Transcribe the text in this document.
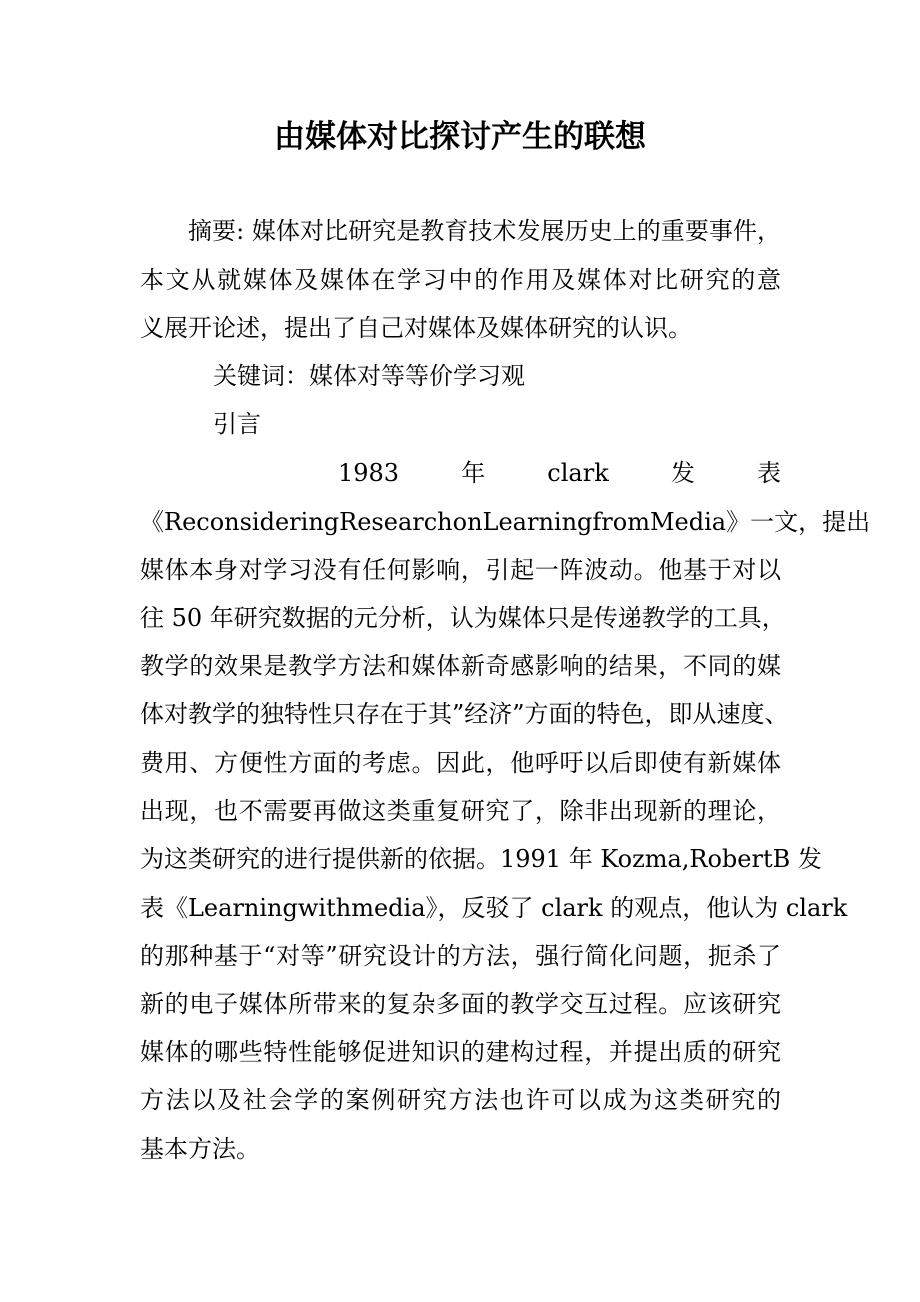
由媒体对比探讨产生的联想
摘要: 媒体对比研究是教育技术发展历史上的重要事件，
本文从就媒体及媒体在学习中的作用及媒体对比研究的意
义展开论述，提出了自己对媒体及媒体研究的认识。
关键词：媒体对等等价学习观
引言
1983	年	clark	发	表
《ReconsideringResearchonLearningfromMedia》一文，提出
媒体本身对学习没有任何影响，引起一阵波动。他基于对以
往 50 年研究数据的元分析，认为媒体只是传递教学的工具，
教学的效果是教学方法和媒体新奇感影响的结果，不同的媒
体对教学的独特性只存在于其”经济”方面的特色，即从速度、
费用、方便性方面的考虑。因此，他呼吁以后即使有新媒体
出现，也不需要再做这类重复研究了，除非出现新的理论，
为这类研究的进行提供新的依据。1991 年 Kozma,RobertB 发
表《Learningwithmedia》，反驳了 clark 的观点，他认为 clark
的那种基于“对等”研究设计的方法，强行简化问题，扼杀了
新的电子媒体所带来的复杂多面的教学交互过程。应该研究
媒体的哪些特性能够促进知识的建构过程，并提出质的研究
方法以及社会学的案例研究方法也许可以成为这类研究的
基本方法。
